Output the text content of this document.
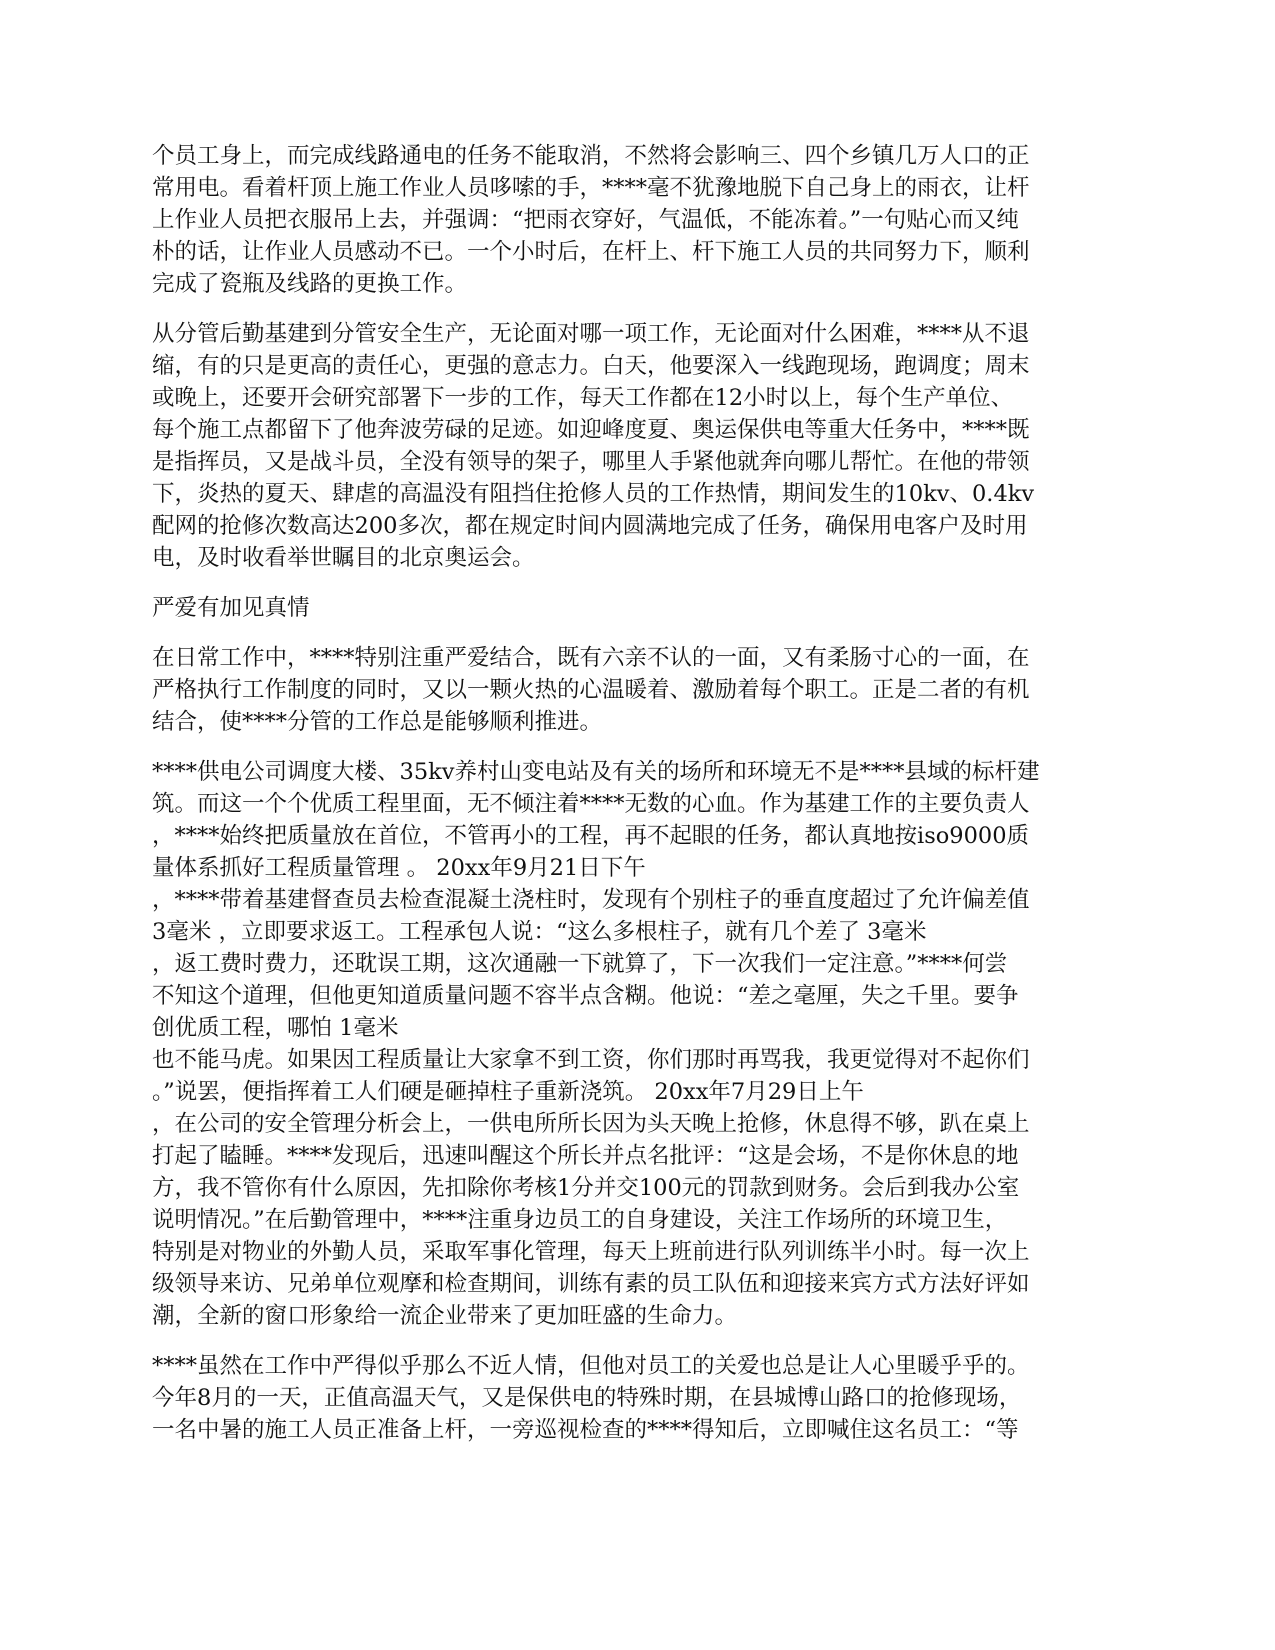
个员工身上，而完成线路通电的任务不能取消，不然将会影响三、四个乡镇几万人口的正
常用电。看着杆顶上施工作业人员哆嗦的手，****毫不犹豫地脱下自己身上的雨衣，让杆
上作业人员把衣服吊上去，并强调：“把雨衣穿好，气温低，不能冻着。”一句贴心而又纯
朴的话，让作业人员感动不已。一个小时后，在杆上、杆下施工人员的共同努力下，顺利
完成了瓷瓶及线路的更换工作。
从分管后勤基建到分管安全生产，无论面对哪一项工作，无论面对什么困难，****从不退
缩，有的只是更高的责任心，更强的意志力。白天，他要深入一线跑现场，跑调度；周末
或晚上，还要开会研究部署下一步的工作，每天工作都在12小时以上，每个生产单位、
每个施工点都留下了他奔波劳碌的足迹。如迎峰度夏、奥运保供电等重大任务中，****既
是指挥员，又是战斗员，全没有领导的架子，哪里人手紧他就奔向哪儿帮忙。在他的带领
下，炎热的夏天、肆虐的高温没有阻挡住抢修人员的工作热情，期间发生的10kv、0.4kv
配网的抢修次数高达200多次，都在规定时间内圆满地完成了任务，确保用电客户及时用
电，及时收看举世瞩目的北京奥运会。
严爱有加见真情
在日常工作中，****特别注重严爱结合，既有六亲不认的一面，又有柔肠寸心的一面，在
严格执行工作制度的同时，又以一颗火热的心温暖着、激励着每个职工。正是二者的有机
结合，使****分管的工作总是能够顺利推进。
****供电公司调度大楼、35kv养村山变电站及有关的场所和环境无不是****县域的标杆建
筑。而这一个个优质工程里面，无不倾注着****无数的心血。作为基建工作的主要负责人
，****始终把质量放在首位，不管再小的工程，再不起眼的任务，都认真地按iso9000质
量体系抓好工程质量管理 。 20xx年9月21日下午
，****带着基建督查员去检查混凝土浇柱时，发现有个别柱子的垂直度超过了允许偏差值
3毫米 ，立即要求返工。工程承包人说：“这么多根柱子，就有几个差了 3毫米
，返工费时费力，还耽误工期，这次通融一下就算了，下一次我们一定注意。”****何尝
不知这个道理，但他更知道质量问题不容半点含糊。他说：“差之毫厘，失之千里。要争
创优质工程，哪怕 1毫米
也不能马虎。如果因工程质量让大家拿不到工资，你们那时再骂我，我更觉得对不起你们
。”说罢，便指挥着工人们硬是砸掉柱子重新浇筑。 20xx年7月29日上午
，在公司的安全管理分析会上，一供电所所长因为头天晚上抢修，休息得不够，趴在桌上
打起了瞌睡。****发现后，迅速叫醒这个所长并点名批评：“这是会场，不是你休息的地
方，我不管你有什么原因，先扣除你考核1分并交100元的罚款到财务。会后到我办公室
说明情况。”在后勤管理中，****注重身边员工的自身建设，关注工作场所的环境卫生，
特别是对物业的外勤人员，采取军事化管理，每天上班前进行队列训练半小时。每一次上
级领导来访、兄弟单位观摩和检查期间，训练有素的员工队伍和迎接来宾方式方法好评如
潮，全新的窗口形象给一流企业带来了更加旺盛的生命力。
****虽然在工作中严得似乎那么不近人情，但他对员工的关爱也总是让人心里暖乎乎的。
今年8月的一天，正值高温天气，又是保供电的特殊时期，在县城博山路口的抢修现场，
一名中暑的施工人员正准备上杆，一旁巡视检查的****得知后，立即喊住这名员工：“等
